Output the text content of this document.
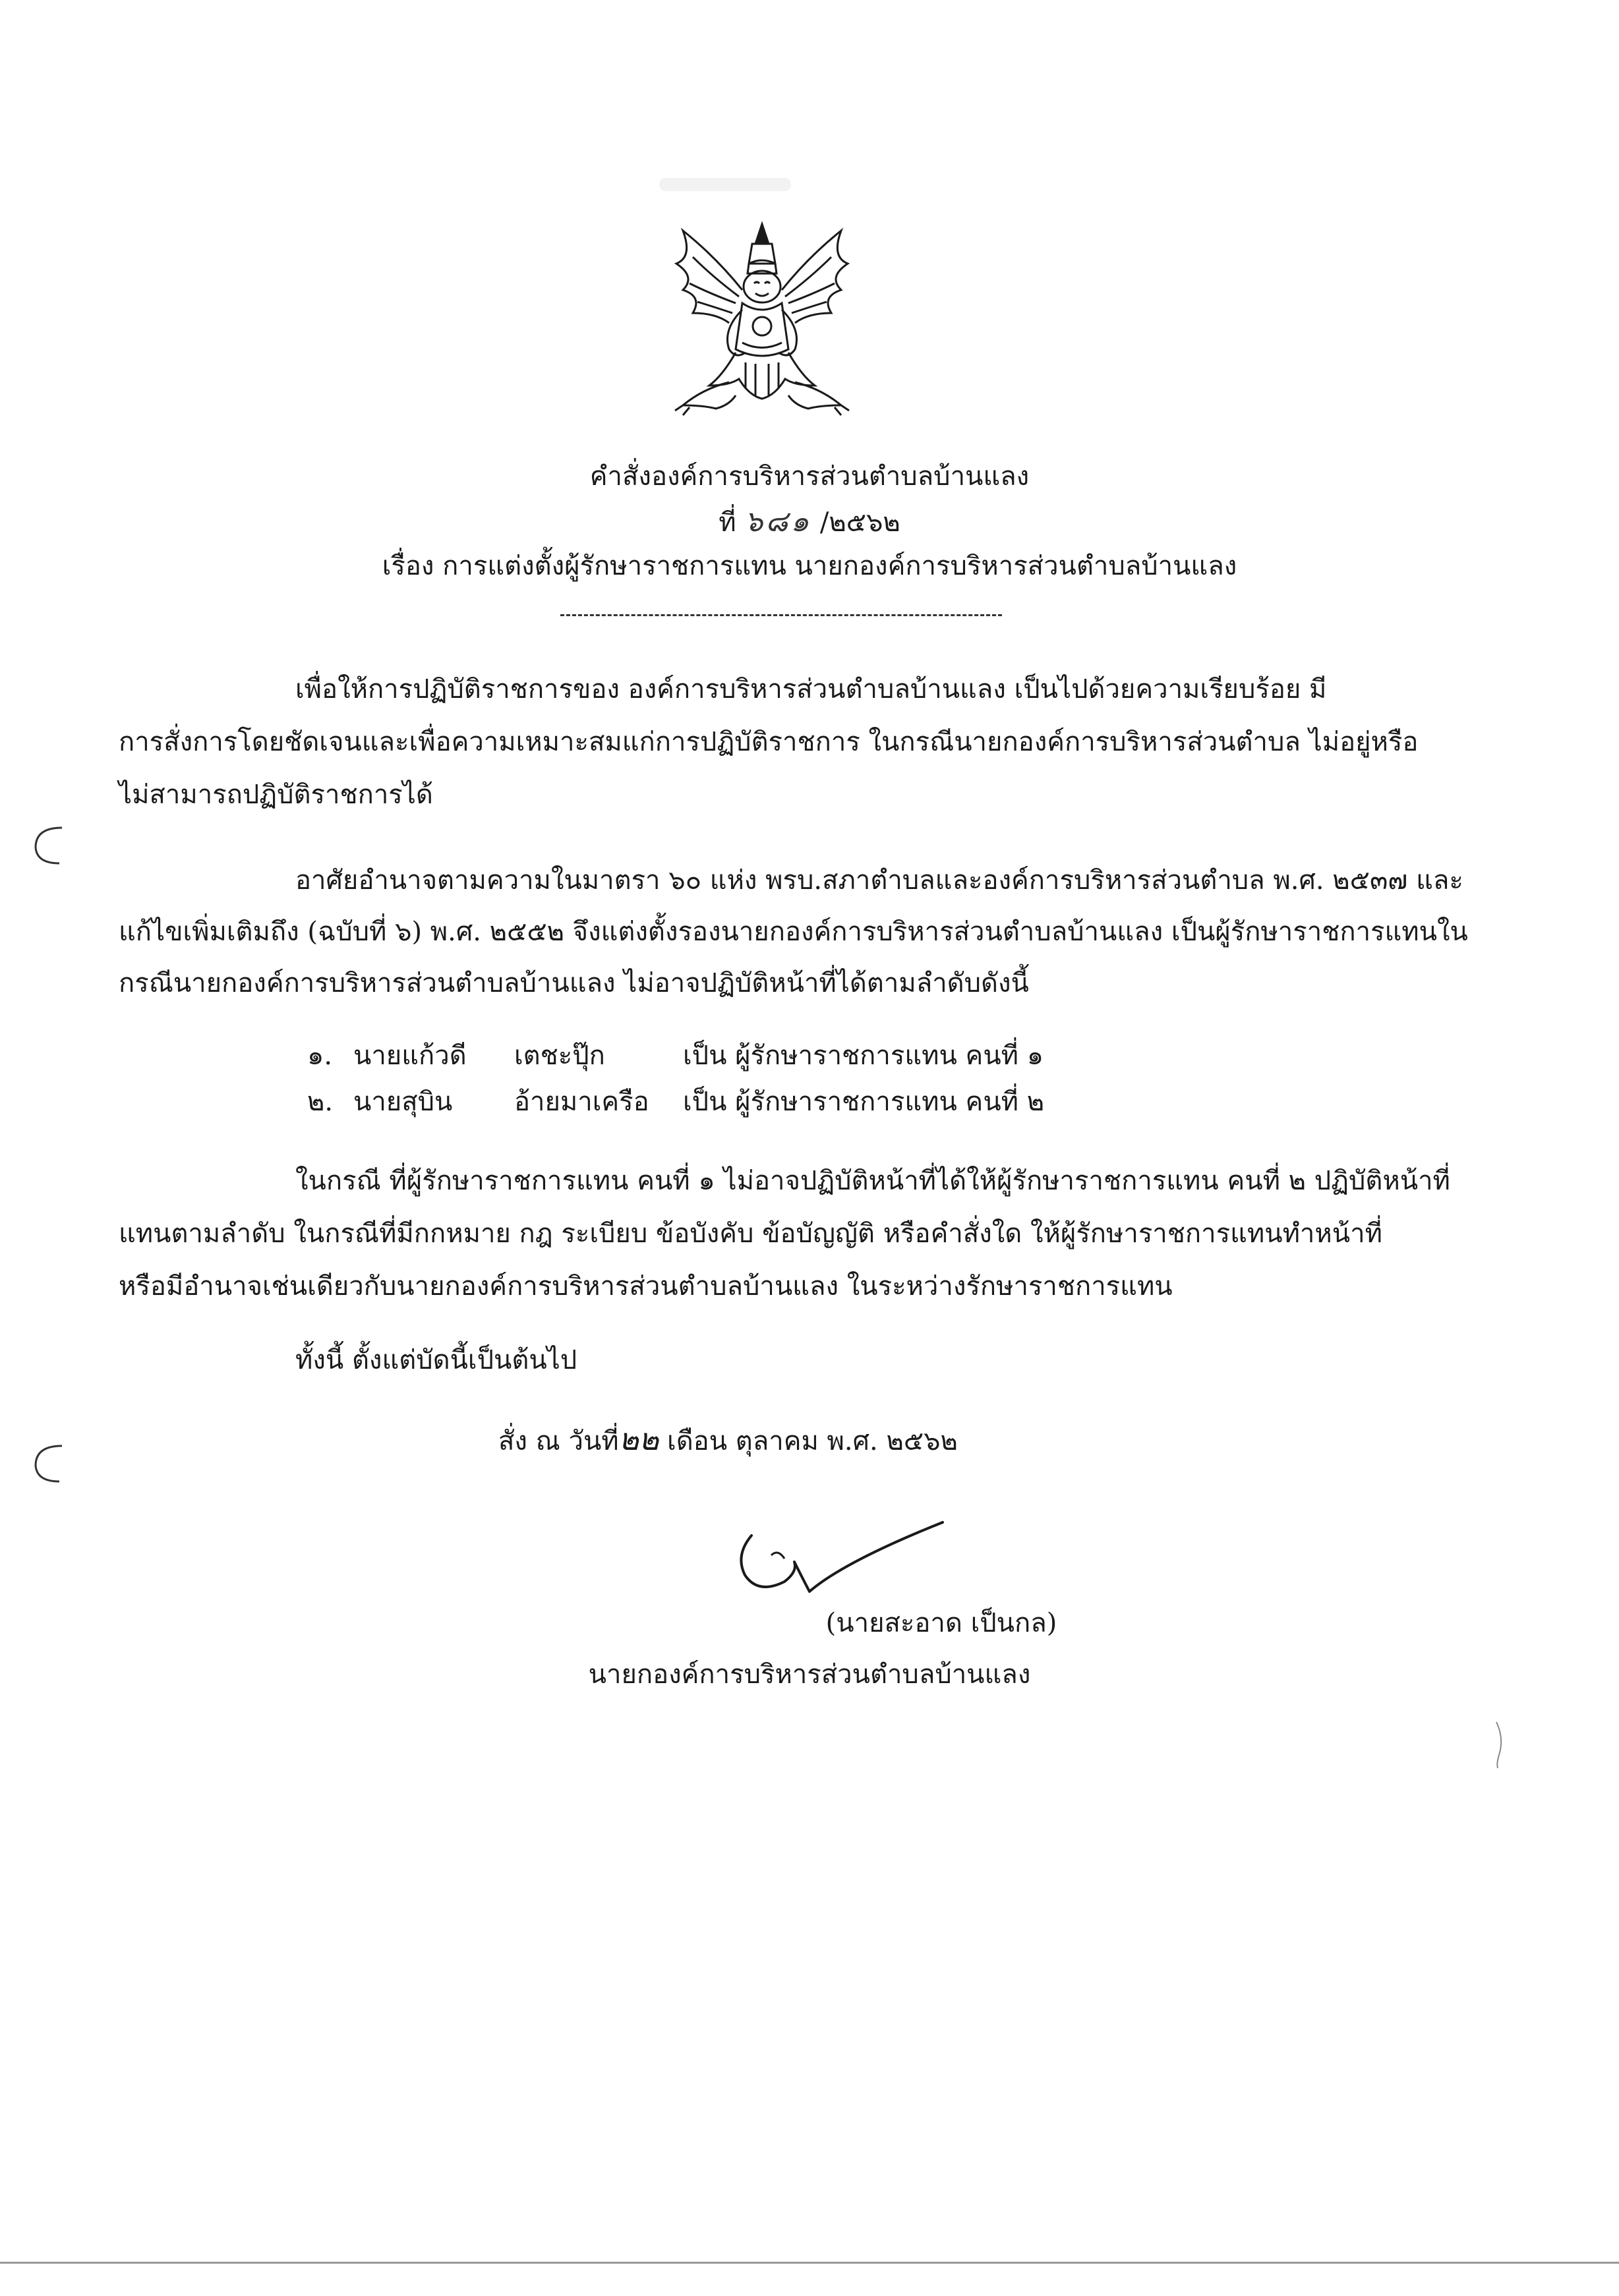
คำสั่งองค์การบริหารส่วนตำบลบ้านแลง
ที่ ๖๘๑ /๒๕๖๒
เรื่อง การแต่งตั้งผู้รักษาราชการแทน นายกองค์การบริหารส่วนตำบลบ้านแลง
เพื่อให้การปฏิบัติราชการของ องค์การบริหารส่วนตำบลบ้านแลง เป็นไปด้วยความเรียบร้อย มี
การสั่งการโดยชัดเจนและเพื่อความเหมาะสมแก่การปฏิบัติราชการ ในกรณีนายกองค์การบริหารส่วนตำบล ไม่อยู่หรือ
ไม่สามารถปฏิบัติราชการได้
อาศัยอำนาจตามความในมาตรา ๖๐ แห่ง พรบ.สภาตำบลและองค์การบริหารส่วนตำบล พ.ศ. ๒๕๓๗ และ
แก้ไขเพิ่มเติมถึง (ฉบับที่ ๖) พ.ศ. ๒๕๕๒ จึงแต่งตั้งรองนายกองค์การบริหารส่วนตำบลบ้านแลง เป็นผู้รักษาราชการแทนใน
กรณีนายกองค์การบริหารส่วนตำบลบ้านแลง ไม่อาจปฏิบัติหน้าที่ได้ตามลำดับดังนี้
๑. นายแก้วดี เตชะปุ๊ก	เป็น ผู้รักษาราชการแทน คนที่ ๑
๒. นายสุบิน อ้ายมาเครือ เป็น ผู้รักษาราชการแทน คนที่ ๒
ในกรณี ที่ผู้รักษาราชการแทน คนที่ ๑ ไม่อาจปฏิบัติหน้าที่ได้ให้ผู้รักษาราชการแทน คนที่ ๒ ปฏิบัติหน้าที่
แทนตามลำดับ ในกรณีที่มีกกหมาย กฎ ระเบียบ ข้อบังคับ ข้อบัญญัติ หรือคำสั่งใด ให้ผู้รักษาราชการแทนทำหน้าที่
หรือมีอำนาจเช่นเดียวกับนายกองค์การบริหารส่วนตำบลบ้านแลง ในระหว่างรักษาราชการแทน
ทั้งนี้ ตั้งแต่บัดนี้เป็นต้นไป
สั่ง ณ วันที่๒๒ เดือน ตุลาคม พ.ศ. ๒๕๖๒
(นายสะอาด เป็นกล)
นายกองค์การบริหารส่วนตำบลบ้านแลง
